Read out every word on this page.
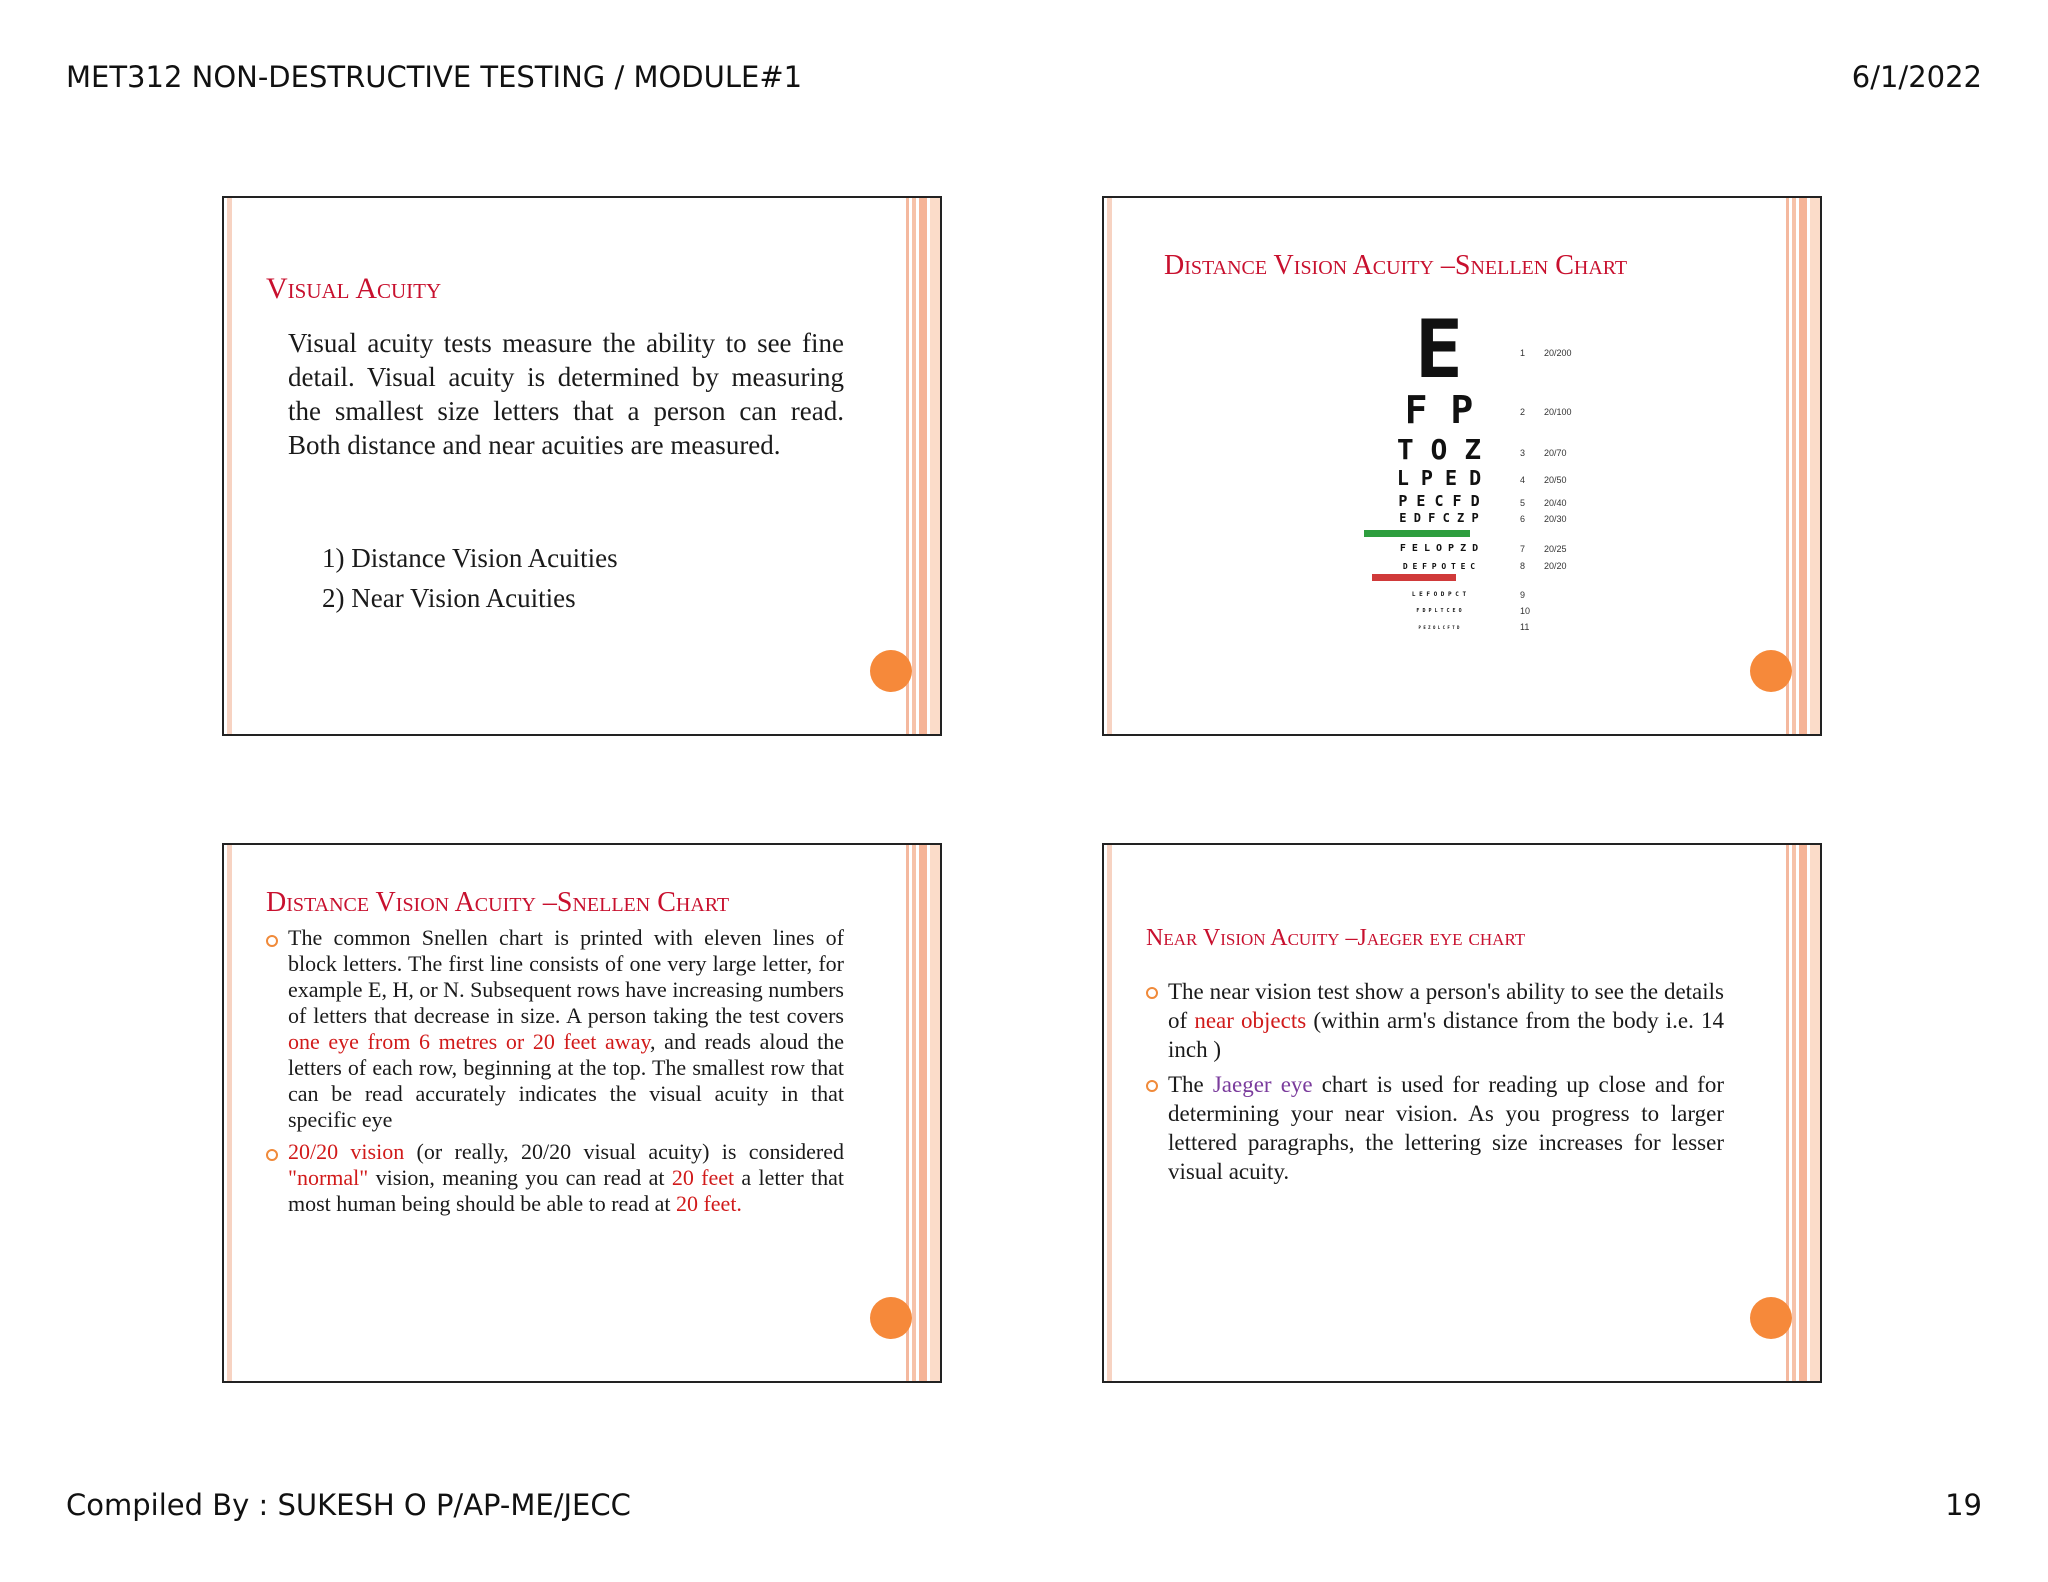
MET312 NON-DESTRUCTIVE TESTING / MODULE#1	6/1/2022
Compiled By : SUKESH O P/AP-ME/JECC	19
Visual Acuity
Visual acuity tests measure the ability to see fine detail. Visual acuity is determined by measuring the smallest size letters that a person can read. Both distance and near acuities are measured.
1) Distance Vision Acuities
2) Near Vision Acuities
Distance Vision Acuity –Snellen Chart
E	1 20/200
F P	2 20/100
T O Z	3 20/70
L P E D	4 20/50
P E C F D	5 20/40
E D F C Z P	6 20/30
F E L O P Z D	7 20/25
D E F P O T E C	8 20/20
L E F O D P C T	9
F D P L T C E O	10
P E Z O L C F T D	11
Distance Vision Acuity –Snellen Chart
The common Snellen chart is printed with eleven lines of block letters. The first line consists of one very large letter, for example E, H, or N. Subsequent rows have increasing numbers of letters that decrease in size. A person taking the test covers one eye from 6 metres or 20 feet away, and reads aloud the letters of each row, beginning at the top. The smallest row that can be read accurately indicates the visual acuity in that specific eye
20/20 vision (or really, 20/20 visual acuity) is considered "normal" vision, meaning you can read at 20 feet a letter that most human being should be able to read at 20 feet.
Near Vision Acuity –Jaeger eye chart
The near vision test show a person's ability to see the details of near objects (within arm's distance from the body i.e. 14 inch )
The Jaeger eye chart is used for reading up close and for determining your near vision. As you progress to larger lettered paragraphs, the lettering size increases for lesser visual acuity.
